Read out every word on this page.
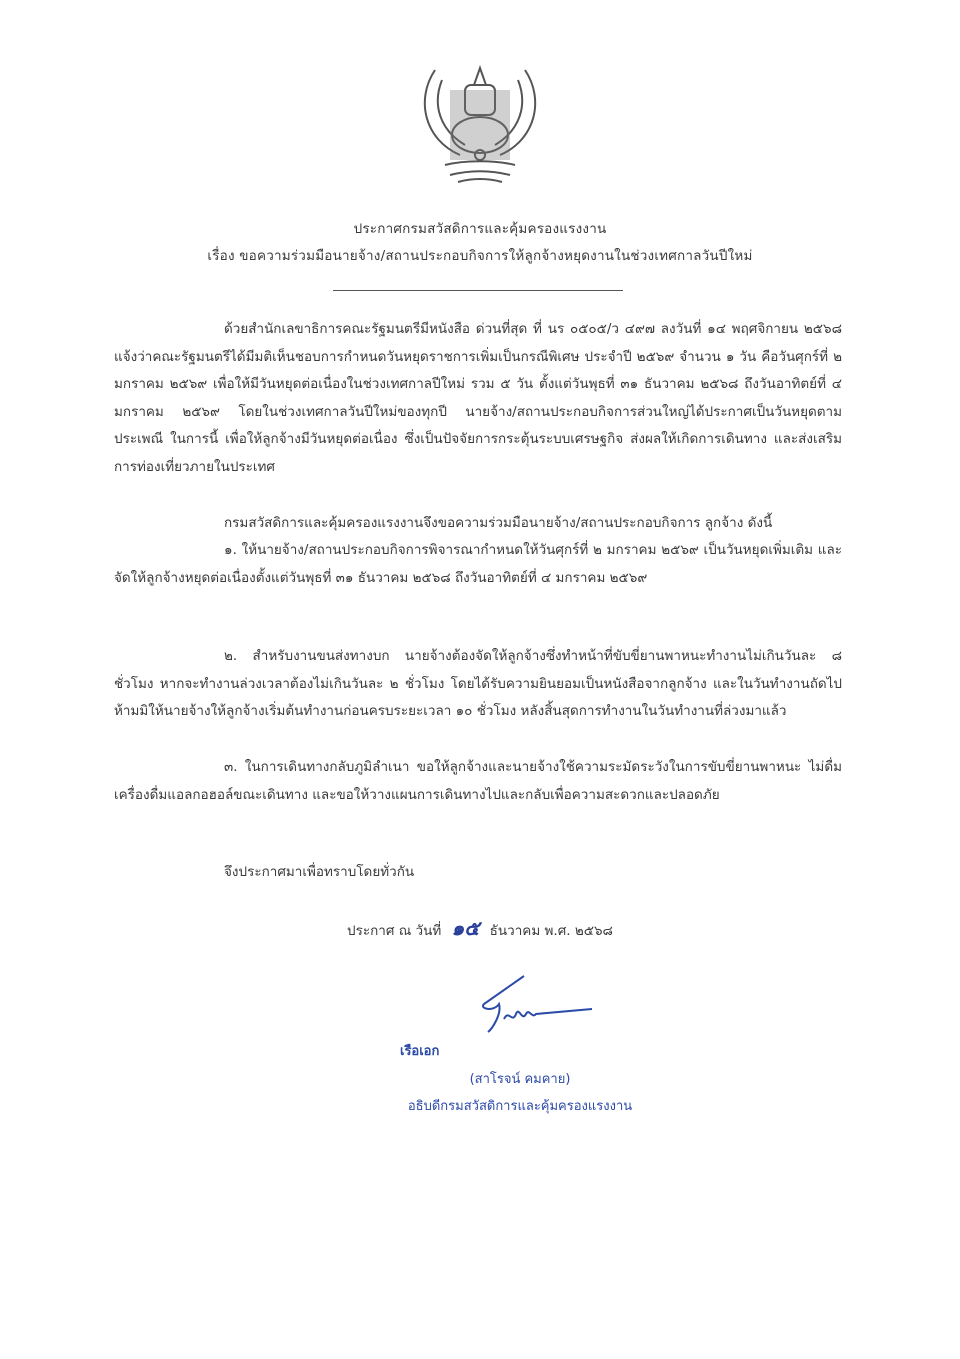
ประกาศกรมสวัสดิการและคุ้มครองแรงงาน
เรื่อง ขอความร่วมมือนายจ้าง/สถานประกอบกิจการให้ลูกจ้างหยุดงานในช่วงเทศกาลวันปีใหม่
ด้วยสำนักเลขาธิการคณะรัฐมนตรีมีหนังสือ ด่วนที่สุด ที่ นร ๐๕๐๕/ว ๔๙๗ ลงวันที่ ๑๔ พฤศจิกายน ๒๕๖๘ แจ้งว่าคณะรัฐมนตรีได้มีมติเห็นชอบการกำหนดวันหยุดราชการเพิ่มเป็นกรณีพิเศษ ประจำปี ๒๕๖๙ จำนวน ๑ วัน คือวันศุกร์ที่ ๒ มกราคม ๒๕๖๙ เพื่อให้มีวันหยุดต่อเนื่องในช่วงเทศกาลปีใหม่ รวม ๕ วัน ตั้งแต่วันพุธที่ ๓๑ ธันวาคม ๒๕๖๘ ถึงวันอาทิตย์ที่ ๔ มกราคม ๒๕๖๙ โดยในช่วงเทศกาลวันปีใหม่ของทุกปี นายจ้าง/สถานประกอบกิจการส่วนใหญ่ได้ประกาศเป็นวันหยุดตามประเพณี ในการนี้ เพื่อให้ลูกจ้างมีวันหยุดต่อเนื่อง ซึ่งเป็นปัจจัยการกระตุ้นระบบเศรษฐกิจ ส่งผลให้เกิดการเดินทาง และส่งเสริมการท่องเที่ยวภายในประเทศ
กรมสวัสดิการและคุ้มครองแรงงานจึงขอความร่วมมือนายจ้าง/สถานประกอบกิจการ ลูกจ้าง ดังนี้
๑. ให้นายจ้าง/สถานประกอบกิจการพิจารณากำหนดให้วันศุกร์ที่ ๒ มกราคม ๒๕๖๙ เป็นวันหยุดเพิ่มเติม และจัดให้ลูกจ้างหยุดต่อเนื่องตั้งแต่วันพุธที่ ๓๑ ธันวาคม ๒๕๖๘ ถึงวันอาทิตย์ที่ ๔ มกราคม ๒๕๖๙
๒. สำหรับงานขนส่งทางบก นายจ้างต้องจัดให้ลูกจ้างซึ่งทำหน้าที่ขับขี่ยานพาหนะทำงานไม่เกินวันละ ๘ ชั่วโมง หากจะทำงานล่วงเวลาต้องไม่เกินวันละ ๒ ชั่วโมง โดยได้รับความยินยอมเป็นหนังสือจากลูกจ้าง และในวันทำงานถัดไป ห้ามมิให้นายจ้างให้ลูกจ้างเริ่มต้นทำงานก่อนครบระยะเวลา ๑๐ ชั่วโมง หลังสิ้นสุดการทำงานในวันทำงานที่ล่วงมาแล้ว
๓. ในการเดินทางกลับภูมิลำเนา ขอให้ลูกจ้างและนายจ้างใช้ความระมัดระวังในการขับขี่ยานพาหนะ ไม่ดื่มเครื่องดื่มแอลกอฮอล์ขณะเดินทาง และขอให้วางแผนการเดินทางไปและกลับเพื่อความสะดวกและปลอดภัย
จึงประกาศมาเพื่อทราบโดยทั่วกัน
ประกาศ ณ วันที่ ๑๕ ธันวาคม พ.ศ. ๒๕๖๘
เรือเอก
(สาโรจน์ คมคาย)
อธิบดีกรมสวัสดิการและคุ้มครองแรงงาน
